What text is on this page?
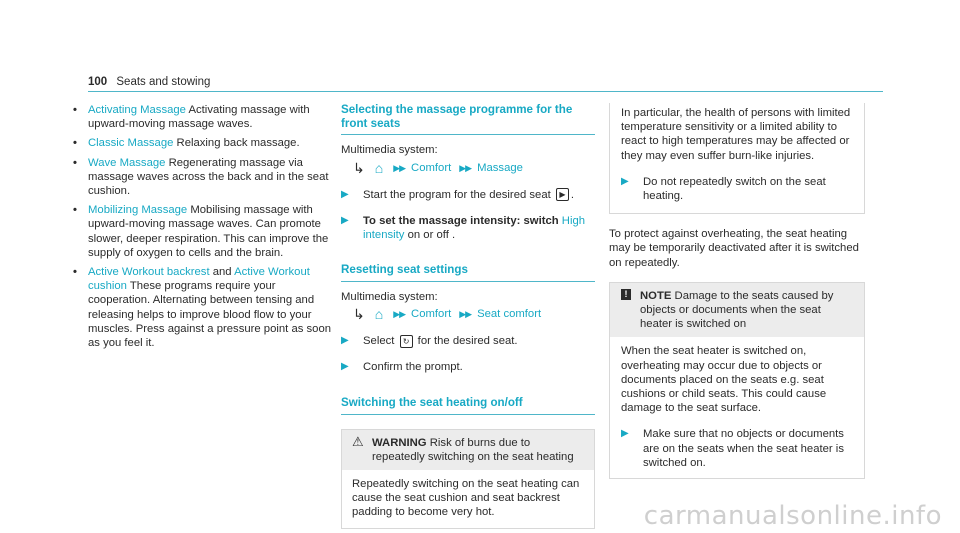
100 Seats and stowing
• Activating Massage Activating massage with upward-moving massage waves.
• Classic Massage Relaxing back massage.
• Wave Massage Regenerating massage via massage waves across the back and in the seat cushion.
• Mobilizing Massage Mobilising massage with upward-moving massage waves. Can promote slower, deeper respiration. This can improve the supply of oxygen to cells and the brain.
• Active Workout backrest and Active Workout cushion These programs require your cooperation. Alternating between tensing and releasing helps to improve blood flow to your muscles. Press against a pressure point as soon as you feel it.
Selecting the massage programme for the front seats
Multimedia system:
↳ ⌂ ▶▶ Comfort ▶▶ Massage
▶ Start the program for the desired seat ▶ .
▶ To set the massage intensity: switch High intensity on or off .
Resetting seat settings
Multimedia system:
↳ ⌂ ▶▶ Comfort ▶▶ Seat comfort
▶ Select ↻ for the desired seat.
▶ Confirm the prompt.
Switching the seat heating on/off
⚠ WARNING Risk of burns due to repeatedly switching on the seat heating
Repeatedly switching on the seat heating can cause the seat cushion and seat backrest padding to become very hot.
In particular, the health of persons with limited temperature sensitivity or a limited ability to react to high temperatures may be affected or they may even suffer burn-like injuries.
▶ Do not repeatedly switch on the seat heating.
To protect against overheating, the seat heating may be temporarily deactivated after it is switched on repeatedly.
!	NOTE Damage to the seats caused by objects or documents when the seat heater is switched on
When the seat heater is switched on, overheating may occur due to objects or documents placed on the seats e.g. seat cushions or child seats. This could cause damage to the seat surface.
▶ Make sure that no objects or documents are on the seats when the seat heater is switched on.
carmanualsonline.info
